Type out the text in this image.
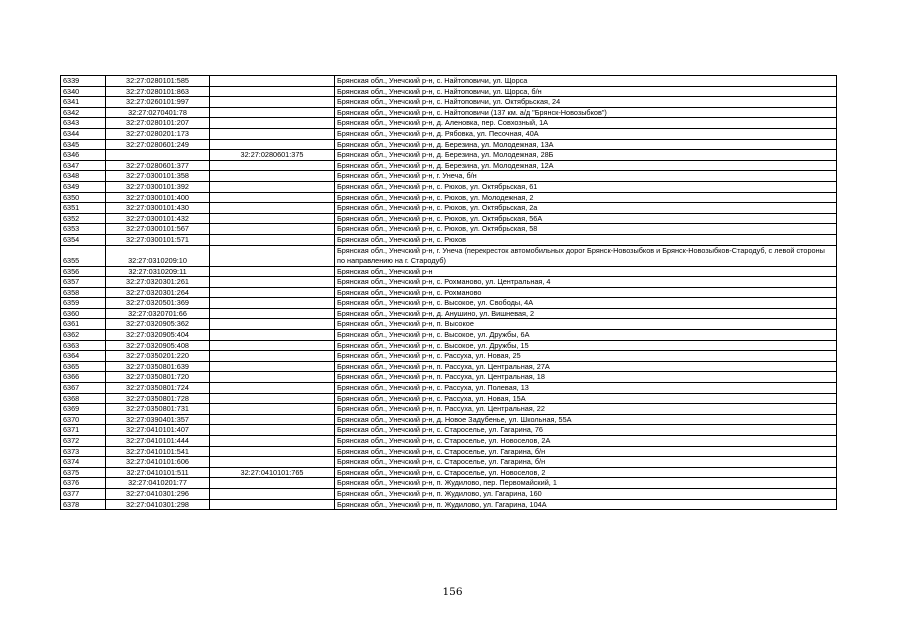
6339	32:27:0280101:585		Брянская обл., Унечский р-н, с. Найтоповичи, ул. Щорса
6340	32:27:0280101:863		Брянская обл., Унечский р-н, с. Найтоповичи, ул. Щорса, б/н
6341	32:27:0260101:997		Брянская обл., Унечский р-н, с. Найтоповичи, ул. Октябрьская, 24
6342	32:27:0270401:78		Брянская обл., Унечский р-н, с. Найтоповичи (137 км. а/д "Брянск-Новозыбков")
6343	32:27:0280101:207		Брянская обл., Унечский р-н, д. Аленовка, пер. Совхозный, 1А
6344	32:27:0280201:173		Брянская обл., Унечский р-н, д. Рябовка, ул. Песочная, 40А
6345	32:27:0280601:249		Брянская обл., Унечский р-н, д. Березина, ул. Молодежная, 13А
6346		32:27:0280601:375	Брянская обл., Унечский р-н, д. Березина, ул. Молодежная, 28Б
6347	32:27:0280601:377		Брянская обл., Унечский р-н, д. Березина, ул. Молодежная, 12А
6348	32:27:0300101:358		Брянская обл., Унечский р-н, г. Унеча, б/н
6349	32:27:0300101:392		Брянская обл., Унечский р-н, с. Рюхов, ул. Октябрьская, 61
6350	32:27:0300101:400		Брянская обл., Унечский р-н, с. Рюхов, ул. Молодежная, 2
6351	32:27:0300101:430		Брянская обл., Унечский р-н, с. Рюхов, ул. Октябрьская, 2а
6352	32:27:0300101:432		Брянская обл., Унечский р-н, с. Рюхов, ул. Октябрьская, 56А
6353	32:27:0300101:567		Брянская обл., Унечский р-н, с. Рюхов, ул. Октябрьская, 58
6354	32:27:0300101:571		Брянская обл., Унечский р-н, с. Рюхов
6355	32:27:0310209:10		Брянская обл., Унечский р-н, г. Унеча (перекресток автомобильных дорог Брянск-Новозыбков и Брянск-Новозыбков-Стародуб, с левой стороны по направлению на г. Стародуб)
6356	32:27:0310209:11		Брянская обл., Унечский р-н
6357	32:27:0320301:261		Брянская обл., Унечский р-н, с. Рохманово, ул. Центральная, 4
6358	32:27:0320301:264		Брянская обл., Унечский р-н, с. Рохманово
6359	32:27:0320501:369		Брянская обл., Унечский р-н, с. Высокое, ул. Свободы, 4А
6360	32:27:0320701:66		Брянская обл., Унечский р-н, д. Анушино, ул. Вишневая, 2
6361	32:27:0320905:362		Брянская обл., Унечский р-н, п. Высокое
6362	32:27:0320905:404		Брянская обл., Унечский р-н, с. Высокое, ул. Дружбы, 6А
6363	32:27:0320905:408		Брянская обл., Унечский р-н, с. Высокое, ул. Дружбы, 15
6364	32:27:0350201:220		Брянская обл., Унечский р-н, с. Рассуха, ул. Новая, 25
6365	32:27:0350801:639		Брянская обл., Унечский р-н, п. Рассуха, ул. Центральная, 27А
6366	32:27:0350801:720		Брянская обл., Унечский р-н, п. Рассуха, ул. Центральная, 18
6367	32:27:0350801:724		Брянская обл., Унечский р-н, с. Рассуха, ул. Полевая, 13
6368	32:27:0350801:728		Брянская обл., Унечский р-н, с. Рассуха, ул. Новая, 15А
6369	32:27:0350801:731		Брянская обл., Унечский р-н, п. Рассуха, ул. Центральная, 22
6370	32:27:0390401:357		Брянская обл., Унечский р-н, д. Новое Задубенье, ул. Школьная, 55А
6371	32:27:0410101:407		Брянская обл., Унечский р-н, с. Староселье, ул. Гагарина, 76
6372	32:27:0410101:444		Брянская обл., Унечский р-н, с. Староселье, ул. Новоселов, 2А
6373	32:27:0410101:541		Брянская обл., Унечский р-н, с. Староселье, ул. Гагарина, б/н
6374	32:27:0410101:606		Брянская обл., Унечский р-н, с. Староселье, ул. Гагарина, б/н
6375	32:27:0410101:511	32:27:0410101:765	Брянская обл., Унечский р-н, с. Староселье, ул. Новоселов, 2
6376	32:27:0410201:77		Брянская обл., Унечский р-н, п. Жудилово, пер. Первомайский, 1
6377	32:27:0410301:296		Брянская обл., Унечский р-н, п. Жудилово, ул. Гагарина, 160
6378	32:27:0410301:298		Брянская обл., Унечский р-н, п. Жудилово, ул. Гагарина, 104А
156
